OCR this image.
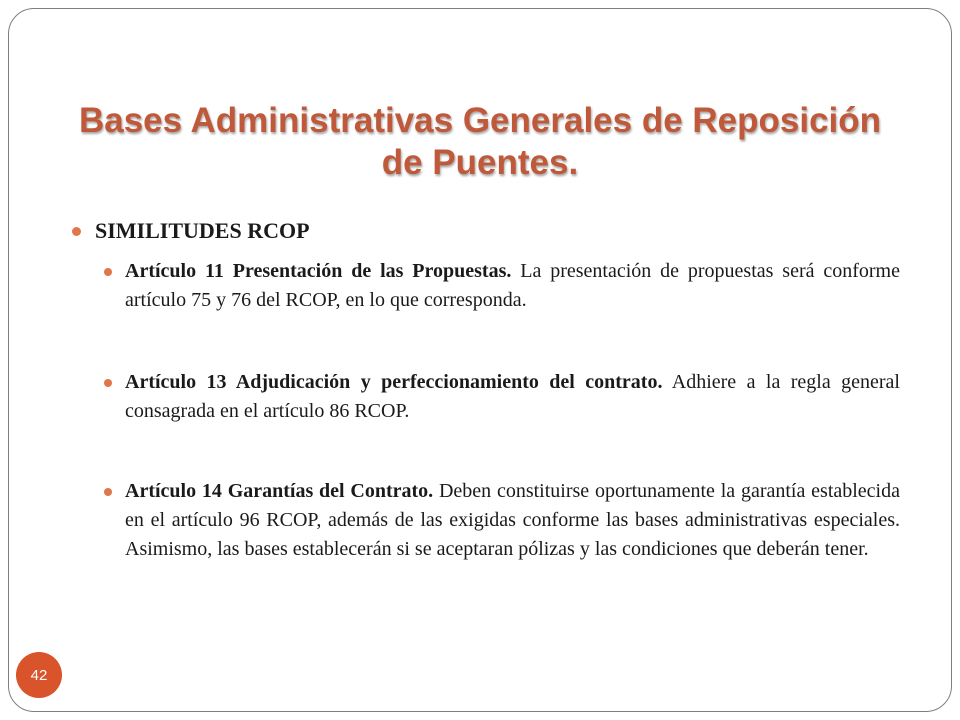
Bases Administrativas Generales de Reposición de Puentes.
SIMILITUDES RCOP

Artículo 11 Presentación de las Propuestas. La presentación de propuestas será conforme artículo 75 y 76 del RCOP, en lo que corresponda.

Artículo 13 Adjudicación y perfeccionamiento del contrato. Adhiere a la regla general consagrada en el artículo 86 RCOP.

Artículo 14 Garantías del Contrato. Deben constituirse oportunamente la garantía establecida en el artículo 96 RCOP, además de las exigidas conforme las bases administrativas especiales. Asimismo, las bases establecerán si se aceptaran pólizas y las condiciones que deberán tener.

42
